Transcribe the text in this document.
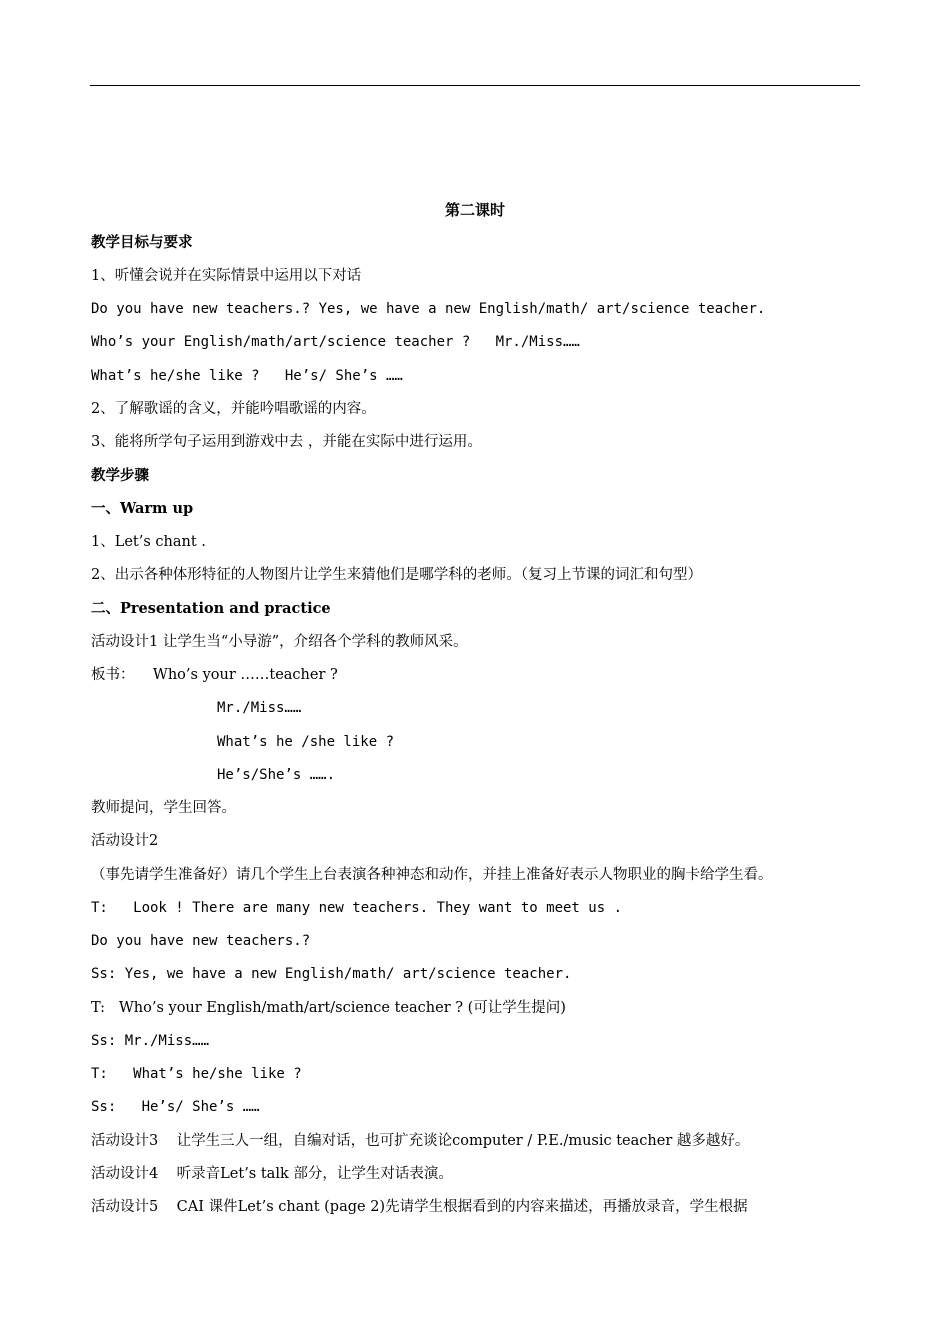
第二课时
教学目标与要求
1、听懂会说并在实际情景中运用以下对话
Do you have new teachers.? Yes, we have a new English/math/ art/science teacher.
Who’s your English/math/art/science teacher ?   Mr./Miss……
What’s he/she like ?   He’s/ She’s ……
2、了解歌谣的含义，并能吟唱歌谣的内容。
3、能将所学句子运用到游戏中去 ，并能在实际中进行运用。
教学步骤
一、Warm up
1、Let’s chant .
2、出示各种体形特征的人物图片让学生来猜他们是哪学科的老师。（复习上节课的词汇和句型）
二、Presentation and practice
活动设计1 让学生当“小导游”，介绍各个学科的教师风采。
板书：    Who’s your ……teacher ?
Mr./Miss……
What’s he /she like ?
He’s/She’s …….
教师提问，学生回答。
活动设计2
（事先请学生准备好）请几个学生上台表演各种神态和动作，并挂上准备好表示人物职业的胸卡给学生看。
T:   Look ! There are many new teachers. They want to meet us .
Do you have new teachers.?
Ss: Yes, we have a new English/math/ art/science teacher.
T:   Who’s your English/math/art/science teacher ? (可让学生提问)
Ss: Mr./Miss……
T:   What’s he/she like ?
Ss:   He’s/ She’s ……
活动设计3    让学生三人一组，自编对话，也可扩充谈论computer / P.E./music teacher 越多越好。
活动设计4    听录音Let’s talk 部分，让学生对话表演。
活动设计5    CAI 课件Let’s chant (page 2)先请学生根据看到的内容来描述，再播放录音，学生根据
